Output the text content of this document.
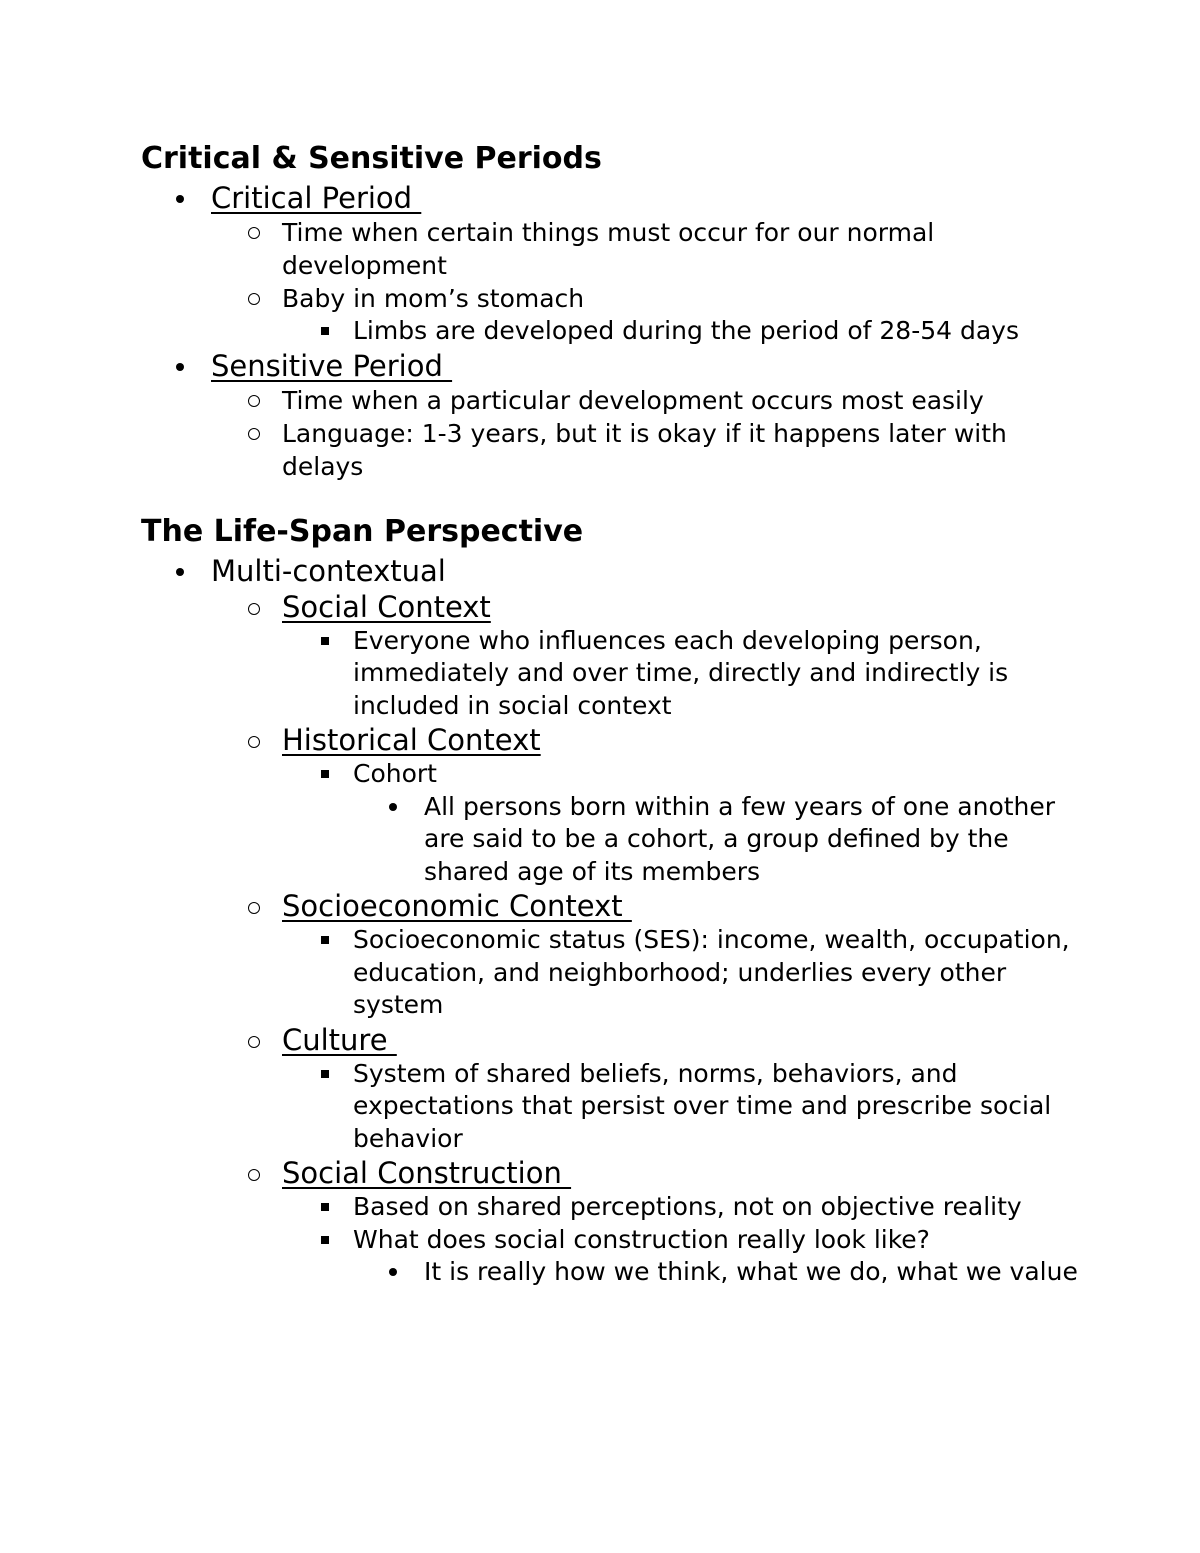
Critical & Sensitive Periods
Critical Period
Time when certain things must occur for our normal development
Baby in mom’s stomach
Limbs are developed during the period of 28-54 days
Sensitive Period
Time when a particular development occurs most easily
Language: 1-3 years, but it is okay if it happens later with delays
The Life-Span Perspective
Multi-contextual
Social Context
Everyone who influences each developing person, immediately and over time, directly and indirectly is included in social context
Historical Context
Cohort
All persons born within a few years of one another are said to be a cohort, a group defined by the shared age of its members
Socioeconomic Context
Socioeconomic status (SES): income, wealth, occupation, education, and neighborhood; underlies every other system
Culture
System of shared beliefs, norms, behaviors, and expectations that persist over time and prescribe social behavior
Social Construction
Based on shared perceptions, not on objective reality
What does social construction really look like?
It is really how we think, what we do, what we value
